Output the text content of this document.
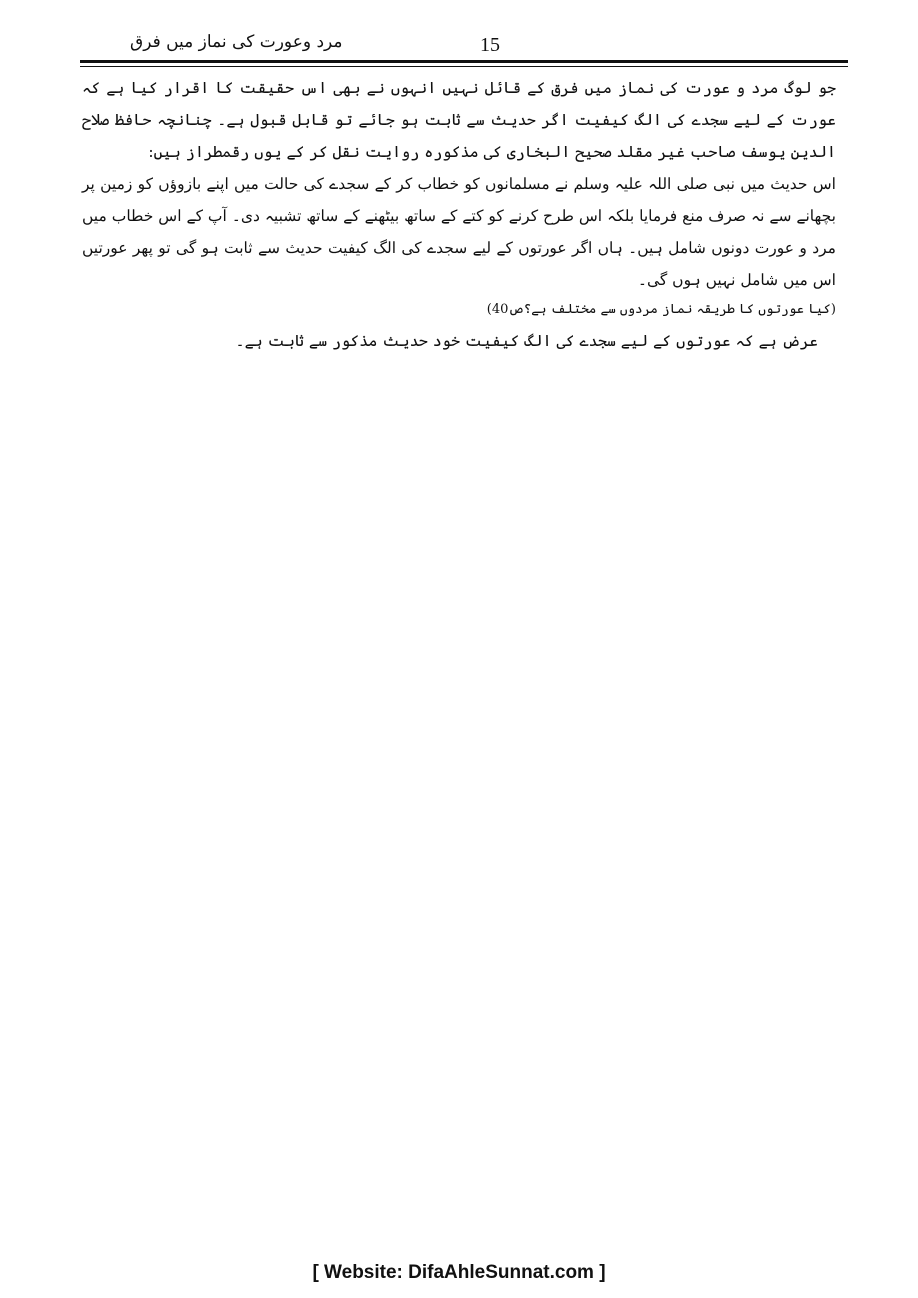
مرد وعورت کی نماز میں فرق	15

جو لوگ مرد و عورت کی نماز میں فرق کے قائل نہیں انہوں نے بھی اس حقیقت کا اقرار کیا ہے کہ عورت کے لیے سجدے کی الگ کیفیت اگر حدیث سے ثابت ہو جائے تو قابل قبول ہے۔ چنانچہ حافظ صلاح الدین یوسف صاحب غیر مقلد صحیح البخاری کی مذکورہ روایت نقل کر کے یوں رقمطراز ہیں:

اس حدیث میں نبی صلی اللہ علیہ وسلم نے مسلمانوں کو خطاب کر کے سجدے کی حالت میں اپنے بازوؤں کو زمین پر بچھانے سے نہ صرف منع فرمایا بلکہ اس طرح کرنے کو کتے کے ساتھ بیٹھنے کے ساتھ تشبیہ دی۔ آپ کے اس خطاب میں مرد و عورت دونوں شامل ہیں۔ ہاں اگر عورتوں کے لیے سجدے کی الگ کیفیت حدیث سے ثابت ہو گی تو پھر عورتیں اس میں شامل نہیں ہوں گی۔

(کیا عورتوں کا طریقہ نماز مردوں سے مختلف ہے؟ص40)

عرض ہے کہ عورتوں کے لیے سجدے کی الگ کیفیت خود حدیث مذکور سے ثابت ہے۔

[ Website: DifaAhleSunnat.com ]
